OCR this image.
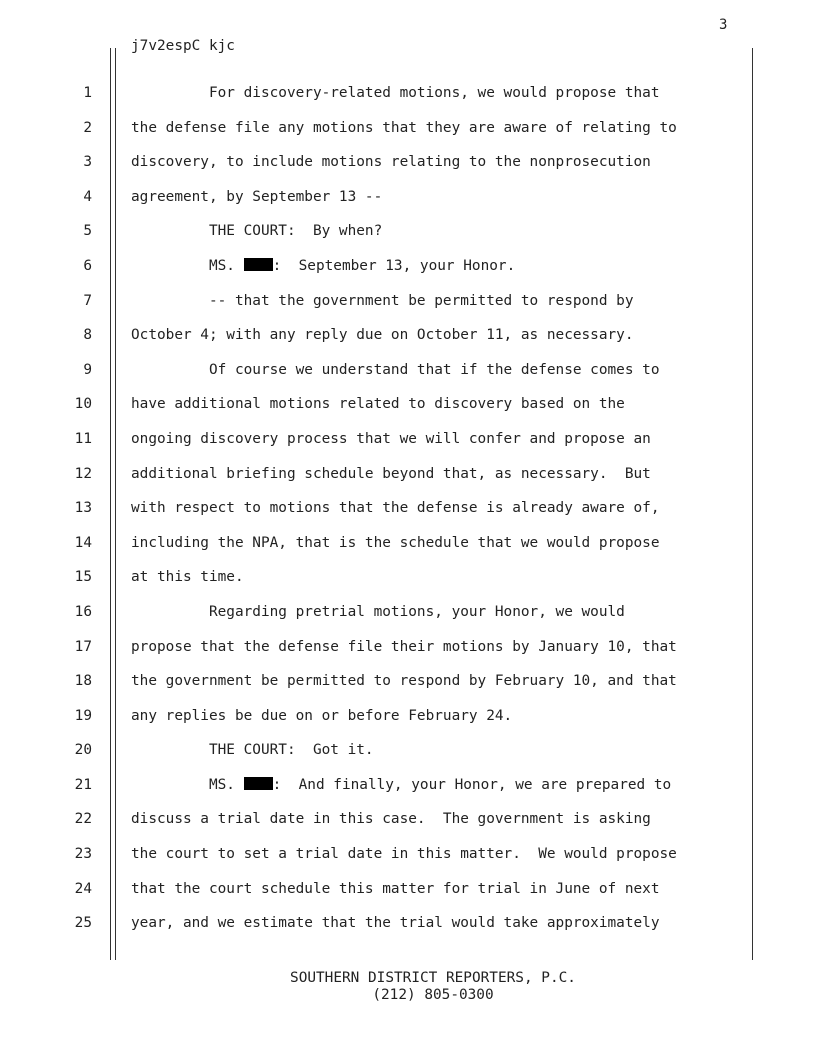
3
j7v2espC kjc
1	For discovery-related motions, we would propose that
2	the defense file any motions that they are aware of relating to
3	discovery, to include motions relating to the nonprosecution
4	agreement, by September 13 --
5	THE COURT:  By when?
6	MS. :  September 13, your Honor.
7	-- that the government be permitted to respond by
8	October 4; with any reply due on October 11, as necessary.
9	Of course we understand that if the defense comes to
10	have additional motions related to discovery based on the
11	ongoing discovery process that we will confer and propose an
12	additional briefing schedule beyond that, as necessary.  But
13	with respect to motions that the defense is already aware of,
14	including the NPA, that is the schedule that we would propose
15	at this time.
16	Regarding pretrial motions, your Honor, we would
17	propose that the defense file their motions by January 10, that
18	the government be permitted to respond by February 10, and that
19	any replies be due on or before February 24.
20	THE COURT:  Got it.
21	MS. :  And finally, your Honor, we are prepared to
22	discuss a trial date in this case.  The government is asking
23	the court to set a trial date in this matter.  We would propose
24	that the court schedule this matter for trial in June of next
25	year, and we estimate that the trial would take approximately
SOUTHERN DISTRICT REPORTERS, P.C.
(212) 805-0300
